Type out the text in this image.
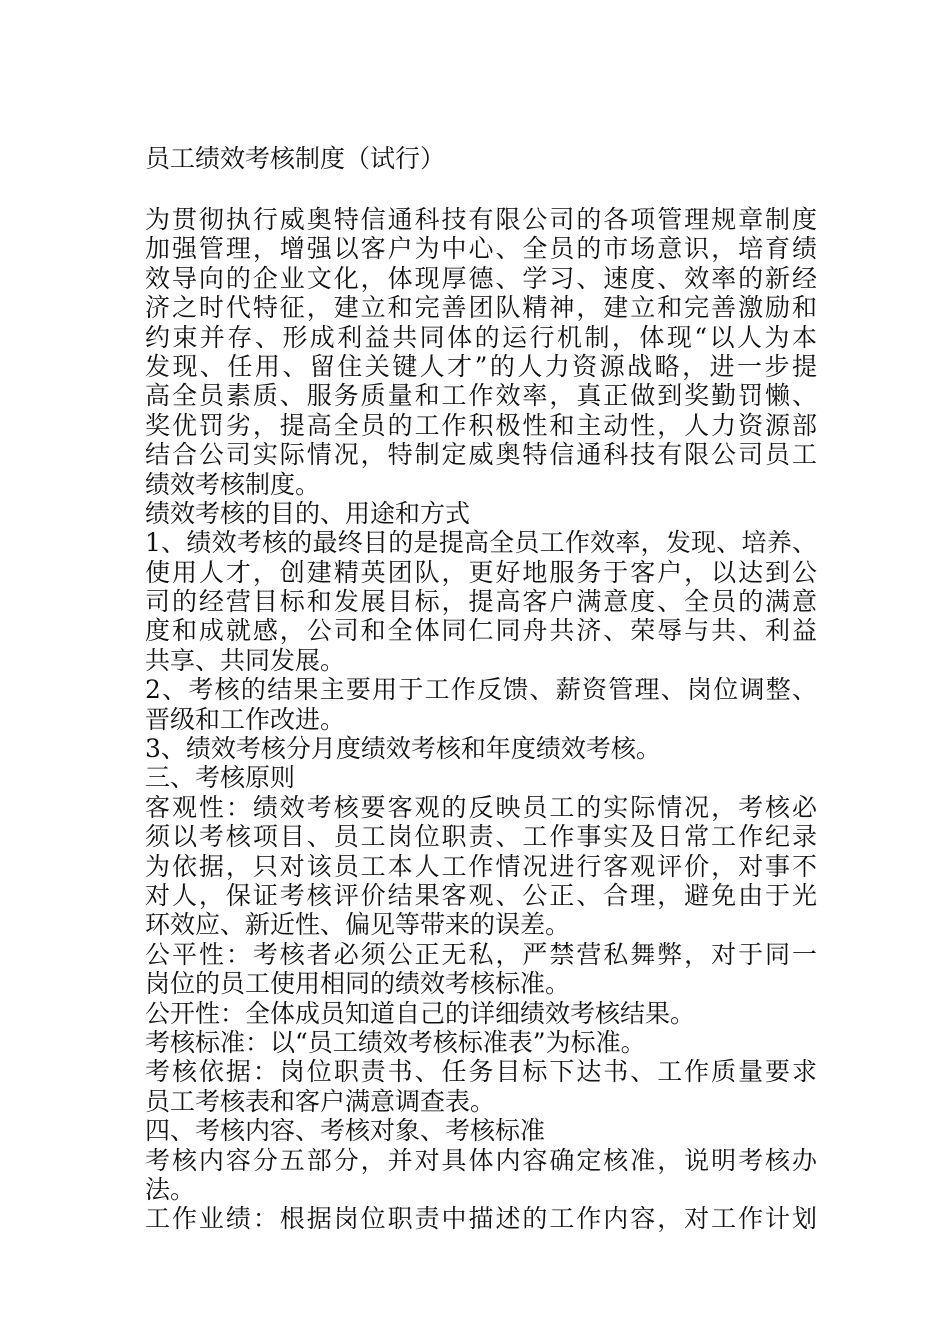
员工绩效考核制度（试行）

为贯彻执行威奥特信通科技有限公司的各项管理规章制度

加强管理，增强以客户为中心、全员的市场意识，培育绩

效导向的企业文化，体现厚德、学习、速度、效率的新经

济之时代特征，建立和完善团队精神，建立和完善激励和

约束并存、形成利益共同体的运行机制，体现“以人为本

发现、任用、留住关键人才”的人力资源战略，进一步提

高全员素质、服务质量和工作效率，真正做到奖勤罚懒、

奖优罚劣，提高全员的工作积极性和主动性，人力资源部

结合公司实际情况，特制定威奥特信通科技有限公司员工

绩效考核制度。

绩效考核的目的、用途和方式

1、绩效考核的最终目的是提高全员工作效率，发现、培养、

使用人才，创建精英团队，更好地服务于客户，以达到公

司的经营目标和发展目标，提高客户满意度、全员的满意

度和成就感，公司和全体同仁同舟共济、荣辱与共、利益

共享、共同发展。

2、考核的结果主要用于工作反馈、薪资管理、岗位调整、

晋级和工作改进。

3、绩效考核分月度绩效考核和年度绩效考核。

三、考核原则

客观性：绩效考核要客观的反映员工的实际情况，考核必

须以考核项目、员工岗位职责、工作事实及日常工作纪录

为依据，只对该员工本人工作情况进行客观评价，对事不

对人，保证考核评价结果客观、公正、合理，避免由于光

环效应、新近性、偏见等带来的误差。

公平性：考核者必须公正无私，严禁营私舞弊，对于同一

岗位的员工使用相同的绩效考核标准。

公开性：全体成员知道自己的详细绩效考核结果。

考核标准：以“员工绩效考核标准表”为标准。

考核依据：岗位职责书、任务目标下达书、工作质量要求

员工考核表和客户满意调查表。

四、考核内容、考核对象、考核标准

考核内容分五部分，并对具体内容确定核准，说明考核办

法。

工作业绩：根据岗位职责中描述的工作内容，对工作计划
